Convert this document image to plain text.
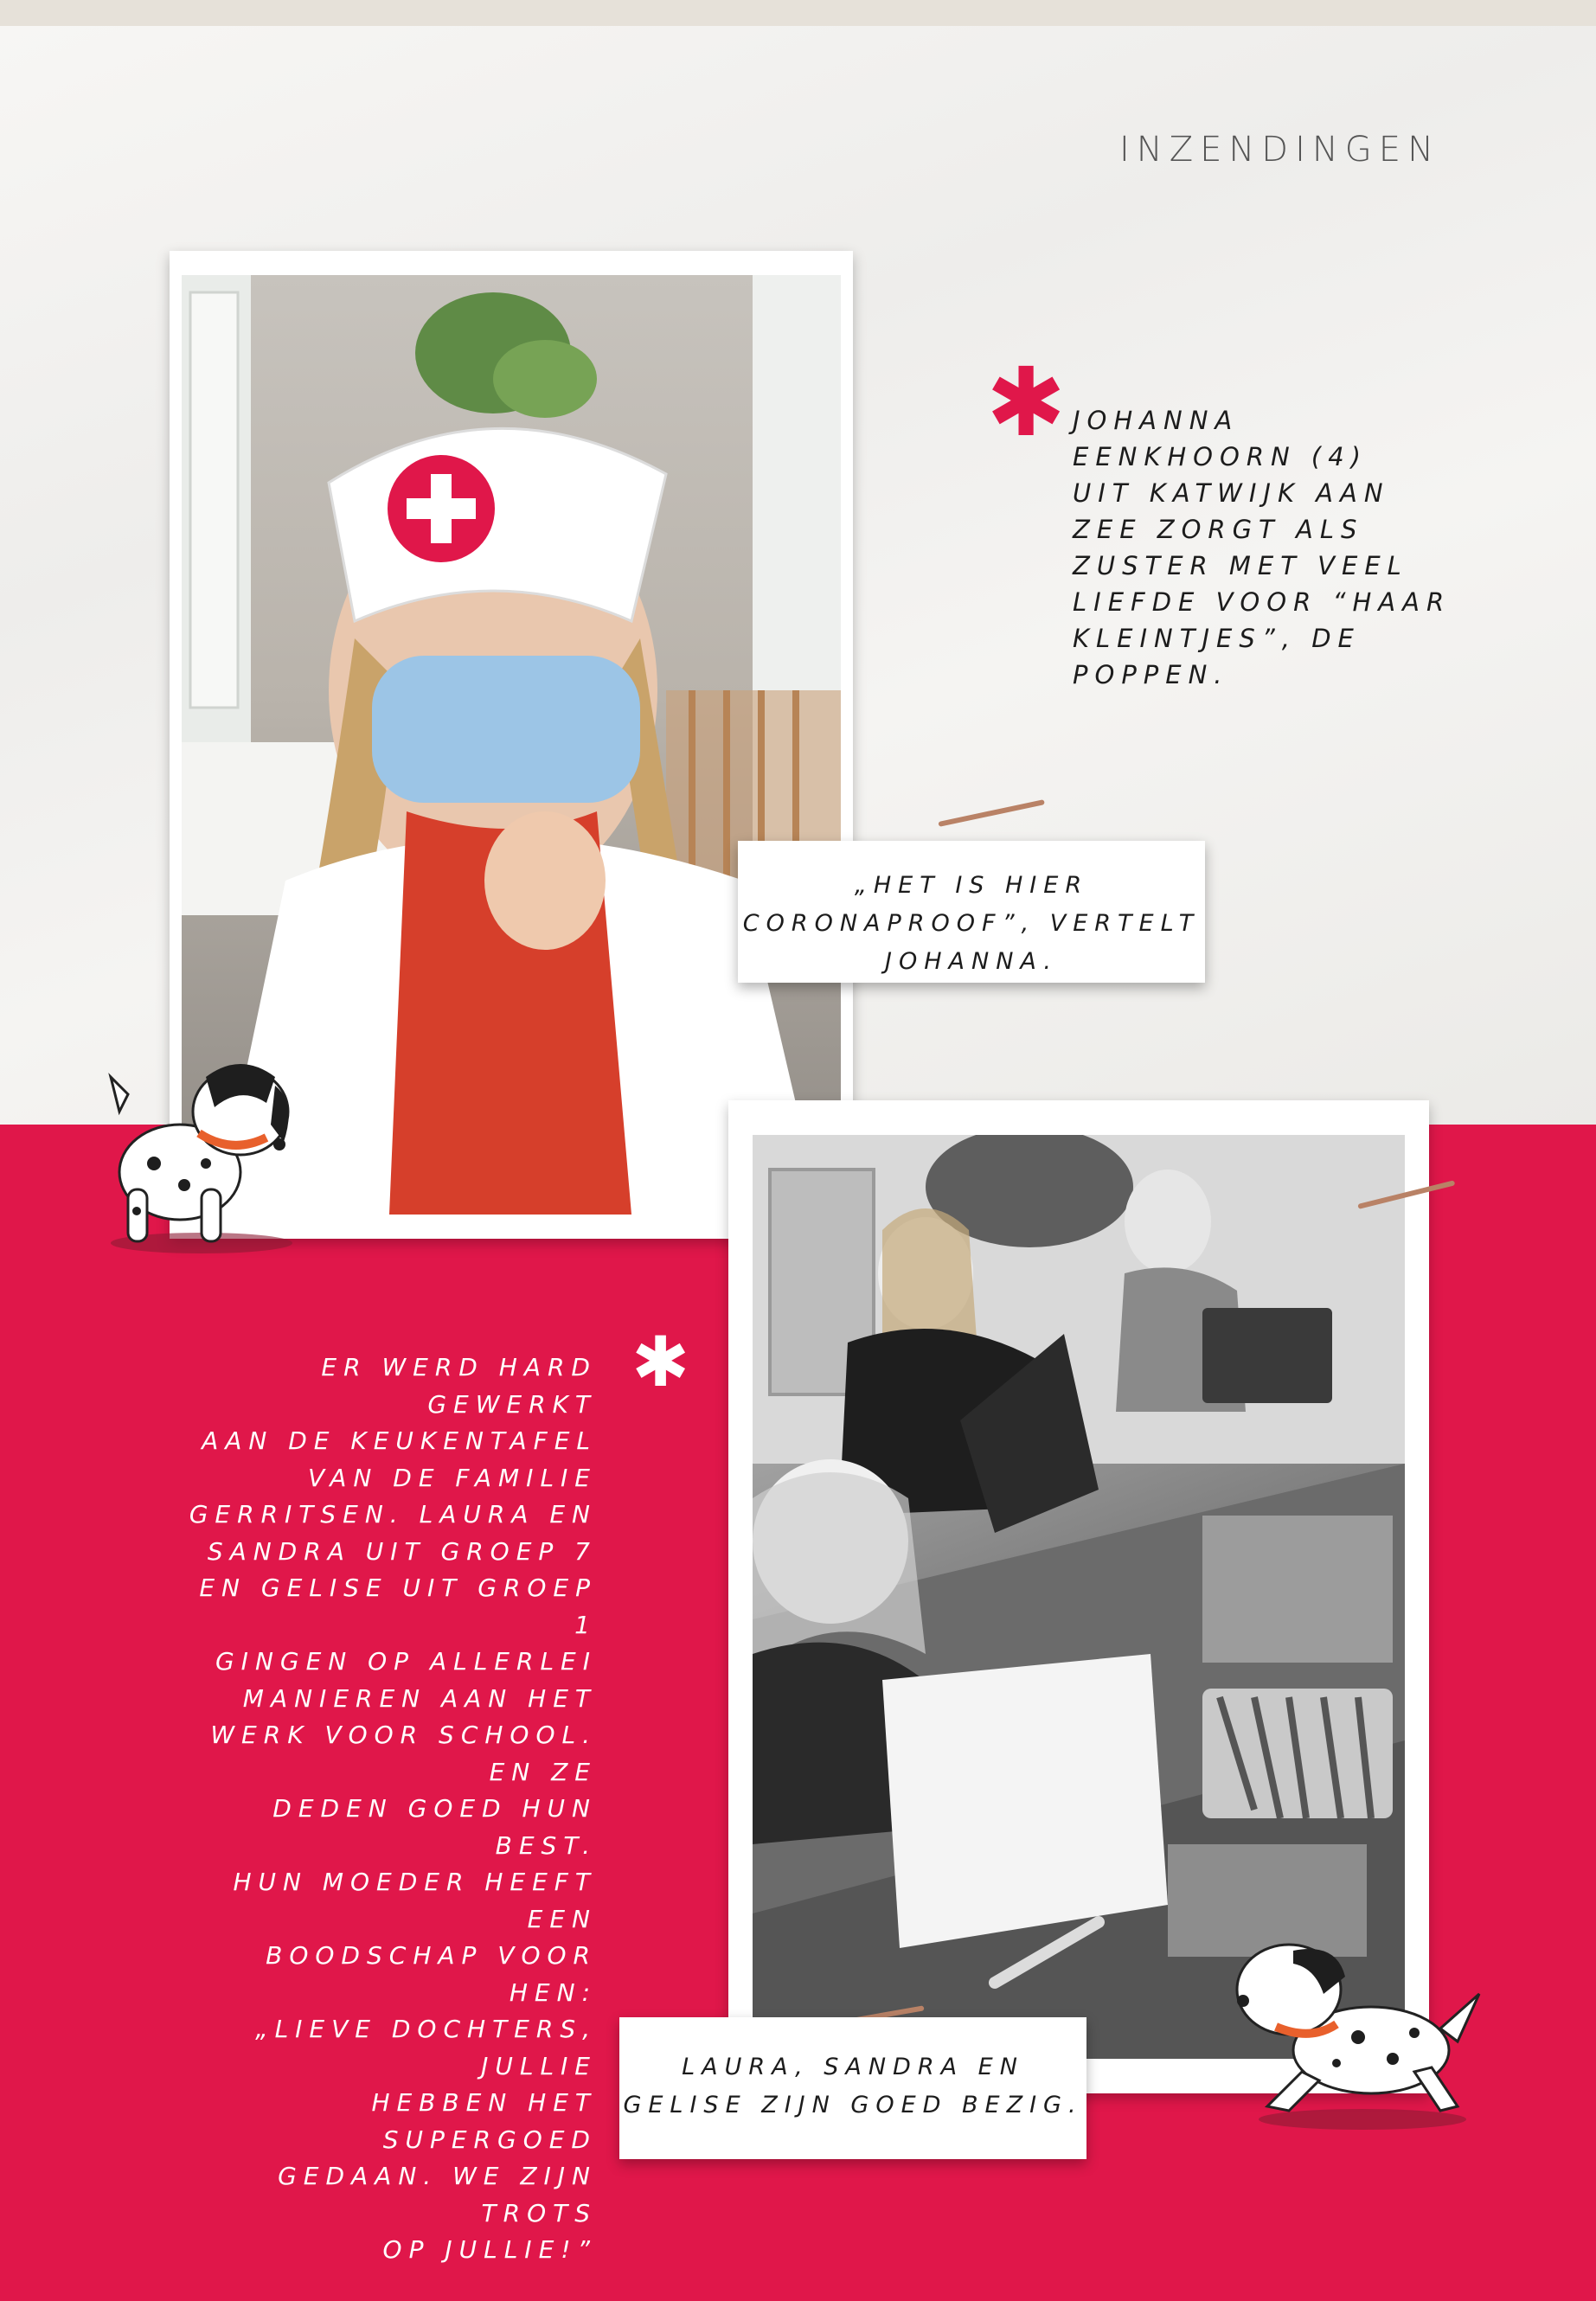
INZENDINGEN
✱ JOHANNA
EENKHOORN (4)
UIT KATWIJK AAN
ZEE ZORGT ALS
ZUSTER MET VEEL
LIEFDE VOOR “HAAR
KLEINTJES”, DE
POPPEN.
„HET IS HIER
CORONAPROOF”, VERTELT
JOHANNA.
✱
ER WERD HARD GEWERKT
AAN DE KEUKENTAFEL
VAN DE FAMILIE
GERRITSEN. LAURA EN
SANDRA UIT GROEP 7
EN GELISE UIT GROEP 1
GINGEN OP ALLERLEI
MANIEREN AAN HET
WERK VOOR SCHOOL. EN ZE
DEDEN GOED HUN BEST.
HUN MOEDER HEEFT EEN
BOODSCHAP VOOR HEN:
„LIEVE DOCHTERS, JULLIE
HEBBEN HET SUPERGOED
GEDAAN. WE ZIJN TROTS
OP JULLIE!”
LAURA, SANDRA EN
GELISE ZIJN GOED BEZIG.
